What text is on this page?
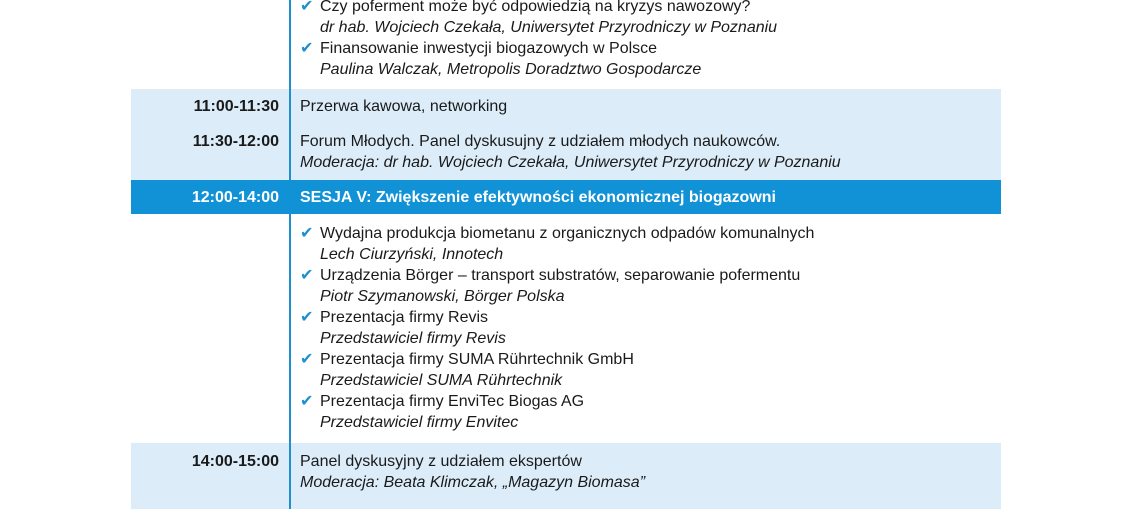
✔ Czy poferment może być odpowiedzią na kryzys nawozowy?
dr hab. Wojciech Czekała, Uniwersytet Przyrodniczy w Poznaniu
✔ Finansowanie inwestycji biogazowych w Polsce
Paulina Walczak, Metropolis Doradztwo Gospodarcze
11:00-11:30 Przerwa kawowa, networking
11:30-12:00 Forum Młodych. Panel dyskusujny z udziałem młodych naukowców.
Moderacja: dr hab. Wojciech Czekała, Uniwersytet Przyrodniczy w Poznaniu
12:00-14:00 SESJA V: Zwiększenie efektywności ekonomicznej biogazowni
✔ Wydajna produkcja biometanu z organicznych odpadów komunalnych
Lech Ciurzyński, Innotech
✔ Urządzenia Börger – transport substratów, separowanie pofermentu
Piotr Szymanowski, Börger Polska
✔ Prezentacja firmy Revis
Przedstawiciel firmy Revis
✔ Prezentacja firmy SUMA Rührtechnik GmbH
Przedstawiciel SUMA Rührtechnik
✔ Prezentacja firmy EnviTec Biogas AG
Przedstawiciel firmy Envitec
14:00-15:00 Panel dyskusyjny z udziałem ekspertów
Moderacja: Beata Klimczak, „Magazyn Biomasa”
